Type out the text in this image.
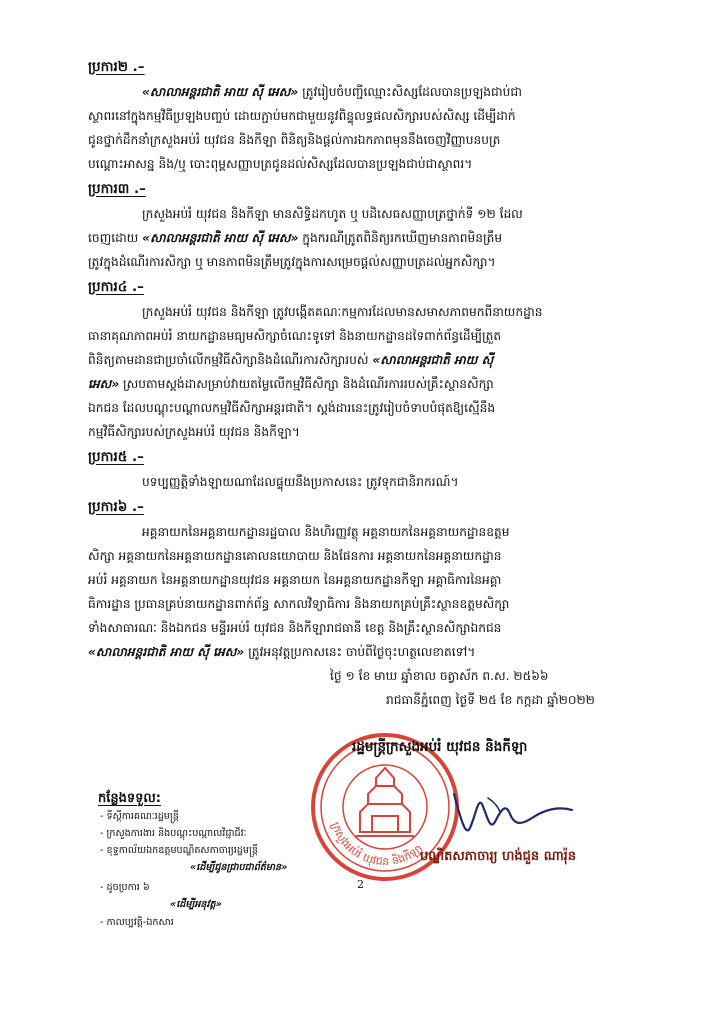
ប្រការ២ .–
«សាលាអន្តរជាតិ អាយ ស៊ី អេស» ត្រូវរៀបចំបញ្ជីឈ្មោះសិស្សដែលបានប្រឡងជាប់ជា
ស្ថាពរនៅក្នុងកម្មវិធីប្រឡងបញ្ចប់ ដោយភ្ជាប់មកជាមួយនូវពិន្ទុលទ្ធផលសិក្សារបស់សិស្ស ដើម្បីដាក់
ជូនថ្នាក់ដឹកនាំក្រសួងអប់រំ យុវជន និងកីឡា ពិនិត្យនិងផ្តល់ការឯកភាពមុននឹងចេញវិញ្ញាបនបត្រ
បណ្តោះអាសន្ន និង/ឬ បោះពុម្ពសញ្ញាបត្រជូនដល់សិស្សដែលបានប្រឡងជាប់ជាស្ថាពរ។
ប្រការ៣ .–
ក្រសួងអប់រំ យុវជន និងកីឡា មានសិទ្ធិដកហូត ឬ បដិសេធសញ្ញាបត្រថ្នាក់ទី ១២ ដែល
ចេញដោយ «សាលាអន្តរជាតិ អាយ ស៊ី អេស» ក្នុងករណីត្រូតពិនិត្យរកឃើញមានភាពមិនត្រឹម
ត្រូវក្នុងដំណើរការសិក្សា ឬ មានភាពមិនត្រឹមត្រូវក្នុងការសម្រេចផ្តល់សញ្ញាបត្រដល់អ្នកសិក្សា។
ប្រការ៤ .–
ក្រសួងអប់រំ យុវជន និងកីឡា ត្រូវបង្កើតគណៈកម្មការដែលមានសមាសភាពមកពីនាយកដ្ឋាន
ធានាគុណភាពអប់រំ នាយកដ្ឋានមធ្យមសិក្សាចំណេះទូទៅ និងនាយកដ្ឋានដទៃពាក់ព័ន្ធដើម្បីត្រួត
ពិនិត្យតាមដានជាប្រចាំលើកម្មវិធីសិក្សានិងដំណើរការសិក្សារបស់ «សាលាអន្តរជាតិ អាយ ស៊ី
អេស» ស្របតាមស្តង់ដាសម្រាប់វាយតម្លៃលើកម្មវិធីសិក្សា និងដំណើរការរបស់គ្រឹះស្ថានសិក្សា
ឯកជន ដែលបណ្តុះបណ្តាលកម្មវិធីសិក្សាអន្តរជាតិ។ ស្តង់ដារនេះត្រូវរៀបចំទាបបំផុតឱ្យស្មើនឹង
កម្មវិធីសិក្សារបស់ក្រសួងអប់រំ យុវជន និងកីឡា។
ប្រការ៥ .–
បទប្បញ្ញត្តិទាំងឡាយណាដែលផ្ទុយនឹងប្រកាសនេះ ត្រូវទុកជានិរាករណ៍។
ប្រការ៦ .–
អគ្គនាយកនៃអគ្គនាយកដ្ឋានរដ្ឋបាល និងហិរញ្ញវត្ថុ អគ្គនាយកនៃអគ្គនាយកដ្ឋានឧត្តម
សិក្សា អគ្គនាយកនៃអគ្គនាយកដ្ឋានគោលនយោបាយ និងផែនការ អគ្គនាយកនៃអគ្គនាយកដ្ឋាន
អប់រំ អគ្គនាយក នៃអគ្គនាយកដ្ឋានយុវជន អគ្គនាយក នៃអគ្គនាយកដ្ឋានកីឡា អគ្គាធិការនៃអគ្គា
ធិការដ្ឋាន ប្រធានគ្រប់នាយកដ្ឋានពាក់ព័ន្ធ សាកលវិទ្យាធិការ និងនាយកគ្រប់គ្រឹះស្ថានឧត្តមសិក្សា
ទាំងសាធារណៈ និងឯកជន មន្ទីរអប់រំ យុវជន និងកីឡារាជធានី ខេត្ត និងគ្រឹះស្ថានសិក្សាឯកជន
«សាលាអន្តរជាតិ អាយ ស៊ី អេស» ត្រូវអនុវត្តប្រកាសនេះ ចាប់ពីថ្ងៃចុះហត្ថលេខាតទៅ។
ក្រសួងអប់រំ យុវជន និងកីឡា
ថ្ងៃ ១ ខែ មាឃ ឆ្នាំខាល ចត្វាស័ក ព.ស. ២៥៦៦
រាជធានីភ្នំពេញ ថ្ងៃទី ២៥ ខែ កក្កដា ឆ្នាំ២០២២
រដ្ឋមន្ត្រីក្រសួងអប់រំ យុវជន និងកីឡា
បណ្ឌិតសភាចារ្យ ហង់ជួន ណារ៉ុន
កន្លែងទទួល:
- ទីស្តីការគណៈរដ្ឋមន្ត្រី
- ក្រសួងការងារ និងបណ្តុះបណ្តាលវិជ្ជាជីវៈ
- ខុទ្ទកាល័យឯកឧត្តមបណ្ឌិតសភាចារ្យរដ្ឋមន្ត្រី
«ដើម្បីជូនជ្រាបជាព័ត៌មាន»
- ដូចប្រការ ៦
«ដើម្បីអនុវត្ត»
- កាលប្បវត្តិ-ឯកសារ
2
